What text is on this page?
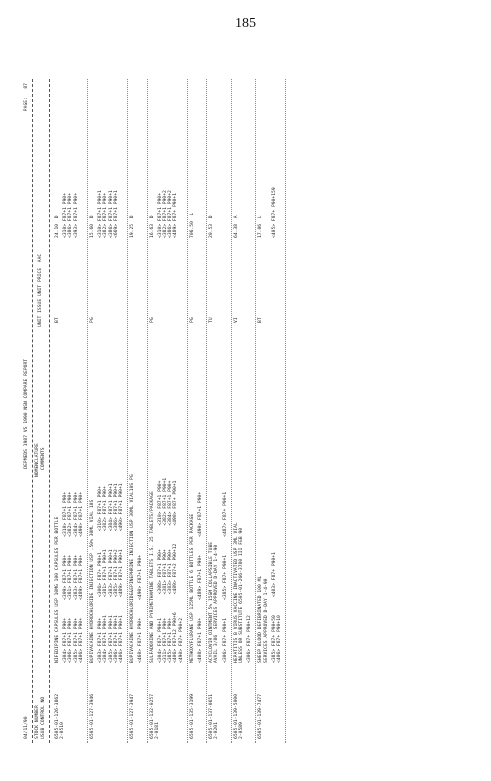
185
04/11/90
DEPMEDS 1987 VS 1990 NSN COMPARE REPORT
PAGE:   87
STOCK NUMBER USUB CONTROL NO
NOMENCLATURE COMMENTS
UNIT ISSUE UNIT PRICE  AAC
6505-01-126-3862
2-0510
NIFEDIPINE CAPSULES USP 10MG 100 CAPSULES PER BOTTLE
BT
24.10  D
<304> F87+1 P90+
<306> F87+1 P90+
<385> F87+1 P90+
<406> F87+1 P90+
<309> F87+1 P90+
<381> F87+1 P90+
<383> F87+1 P90+
<489> F87+1 P90+
<310> F87+1 P90+
<382> F87+1 P90+
<384> F87+1 P90+
<490> F87+1 P90+
<310> F87+1 P90+
<386> F87+1 P90+
<393> F87+1 P90+
6505-01-127-3946
BUPIVACAINE HYDROCHLORIDE INJECTION USP .50% 30ML VIAL 10S
PG
15.60  D
<303> F87+1 P90+
<304> F87+1 P90+1
<305> F87+1 P90+1
<306> F87+1 P90+1
<406> F87+1 P90+1
<306> F87+ P90+1
<381> F87+1 P90+1
<383> F87+1 P90+1
<385> F87+1 P90+2
<489> F87+1 P90+1
<310> F87+1 P90+
<382> F87+1 P90+
<384> F87+1 P90+1
<386> F87+1 P90+1
<490> F87+1 P90+1
<310> F87+1 P90+1
<382> F87+1 P90+
<386> F87+1 P90+1
<669> F87+1 P90+1
6505-01-127-3947
BUPIVACAINE HYDROCHLORIDE&EPINEPHRINE INJECTION USP 30ML VIAL10S PG
19.25  D
<460> F87+1 P90+
<490> F87+1 P90+
6505-01-132-0257
2-0181
SULFADOXINE AND PYRIMETHAMINE TABLETS I.S. 25 TABLETS/PACKAGE
PG
16.63  D
<304> F87+ P90+1
<311> F87+1 P90+
<385> F87+1 P90+
<406> F87+12 P90+6
<490> F87+ P90+2
<308> F87+1 P90+
<381> F87+1 P90+
<383> F87+1 P90+
<489> F87+2 P90+12
<310> F87+1 P90+
<382> F87+1 P90+1
<384> F87+1 P90+
<490> F87+ P90+1
<310> F87+1 P90+
<382> F87+1 P90+2
<386> F87+1 P90+2
<489> F87+ P90+1
6505-01-135-3199
METHOXYFLURANE USP 125ML BOTTLE 6 BOTTLES PER PACKAGE
PG
706.50  L
<408> F87+1 P90+
<489> F87+1 P90+
<490> F87+1 P90+
6505-01-137-0651
2-0201
ACYCLOVIR OINTMENT 5% 15GM COLLAPSIBLE TUBE
AVAIL 3/86  SERVICES APPROVED D-DAY 1-4-90
TU
20.53  D
<306> F87+ P90+1
<385> F87+ P90+1
<487> F87+ P90+1
6505-01-139-5000
2-0589
HEPATITIS B VIRUS VACCINE INACTIVATED USP 3ML VIAL
UNLESS OR SUBSTITUTE 6505-01-266-3780 III FEB 90
VI
64.38  A
<306> F87+ P90+12
6505-01-139-7477
SHEEP BLOOD DEFIBRINATED 100 ML
SERVICES APPROVED D-DAY 1-4-90
BT
17.06  L
<385> F87+ P90+50
<406> F87+ P90+10
<403> F87+ P90+1
<405> F87+ P90+159
